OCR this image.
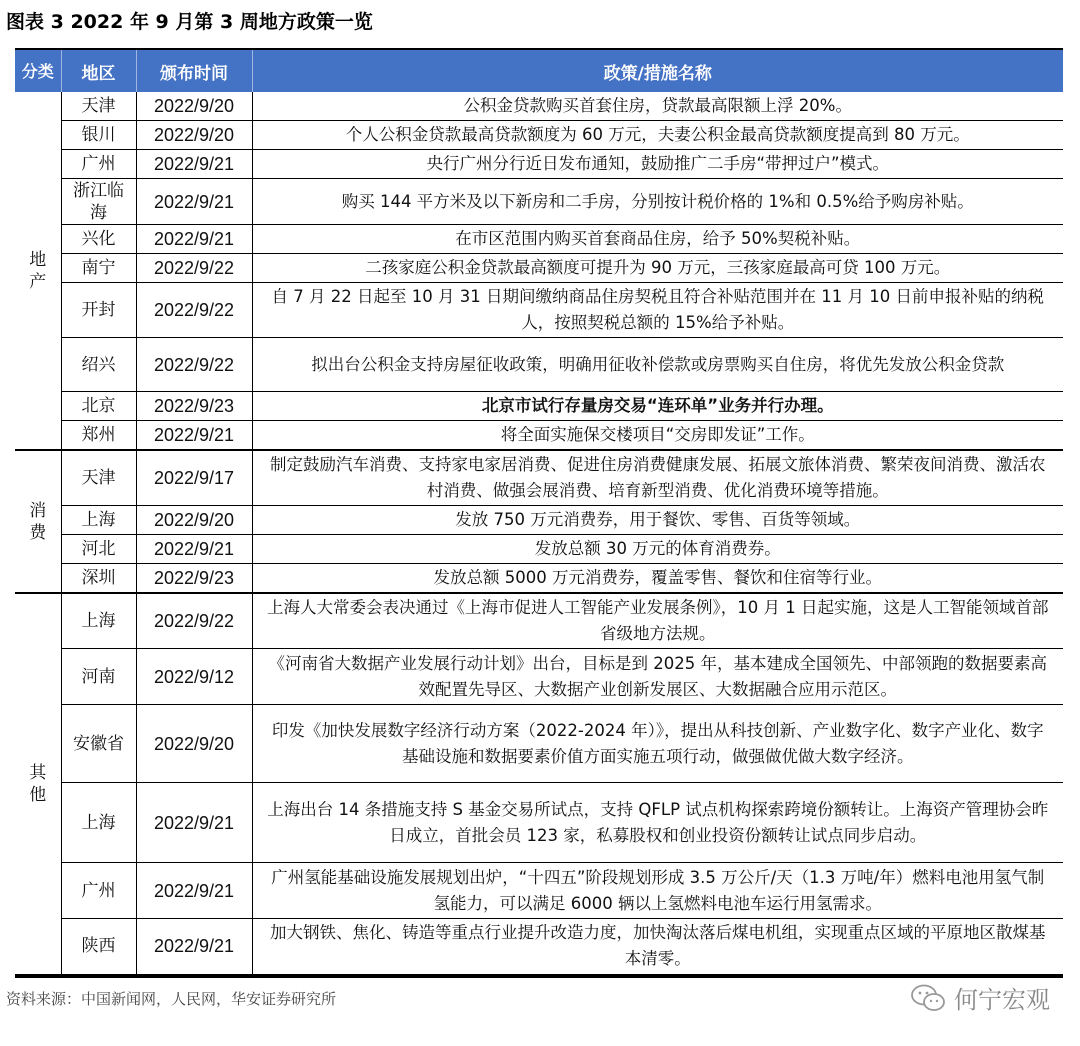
图表 3 2022 年 9 月第 3 周地方政策一览
分类	地区	颁布时间	政策/措施名称

地
产	天津	2022/9/20	公积金贷款购买首套住房，贷款最高限额上浮 20%。
	银川	2022/9/20	个人公积金贷款最高贷款额度为 60 万元，夫妻公积金最高贷款额度提高到 80 万元。
	广州	2022/9/21	央行广州分行近日发布通知，鼓励推广二手房“带押过户”模式。
	浙江临海	2022/9/21	购买 144 平方米及以下新房和二手房，分别按计税价格的 1%和 0.5%给予购房补贴。
	兴化	2022/9/21	在市区范围内购买首套商品住房，给予 50%契税补贴。
	南宁	2022/9/22	二孩家庭公积金贷款最高额度可提升为 90 万元，三孩家庭最高可贷 100 万元。
	开封	2022/9/22	自 7 月 22 日起至 10 月 31 日期间缴纳商品住房契税且符合补贴范围并在 11 月 10 日前申报补贴的纳税人，按照契税总额的 15%给予补贴。
	绍兴	2022/9/22	拟出台公积金支持房屋征收政策，明确用征收补偿款或房票购买自住房，将优先发放公积金贷款
	北京	2022/9/23	北京市试行存量房交易“连环单”业务并行办理。
	郑州	2022/9/21	将全面实施保交楼项目“交房即发证”工作。

消
费	天津	2022/9/17	制定鼓励汽车消费、支持家电家居消费、促进住房消费健康发展、拓展文旅体消费、繁荣夜间消费、激活农村消费、做强会展消费、培育新型消费、优化消费环境等措施。
	上海	2022/9/20	发放 750 万元消费券，用于餐饮、零售、百货等领域。
	河北	2022/9/21	发放总额 30 万元的体育消费券。
	深圳	2022/9/23	发放总额 5000 万元消费券，覆盖零售、餐饮和住宿等行业。

其
他	上海	2022/9/22	上海人大常委会表决通过《上海市促进人工智能产业发展条例》，10 月 1 日起实施，这是人工智能领域首部省级地方法规。
	河南	2022/9/12	《河南省大数据产业发展行动计划》出台，目标是到 2025 年，基本建成全国领先、中部领跑的数据要素高效配置先导区、大数据产业创新发展区、大数据融合应用示范区。
	安徽省	2022/9/20	印发《加快发展数字经济行动方案（2022-2024 年）》，提出从科技创新、产业数字化、数字产业化、数字基础设施和数据要素价值方面实施五项行动，做强做优做大数字经济。
	上海	2022/9/21	上海出台 14 条措施支持 S 基金交易所试点，支持 QFLP 试点机构探索跨境份额转让。上海资产管理协会昨日成立，首批会员 123 家，私募股权和创业投资份额转让试点同步启动。
	广州	2022/9/21	广州氢能基础设施发展规划出炉，“十四五”阶段规划形成 3.5 万公斤/天（1.3 万吨/年）燃料电池用氢气制氢能力，可以满足 6000 辆以上氢燃料电池车运行用氢需求。
	陕西	2022/9/21	加大钢铁、焦化、铸造等重点行业提升改造力度，加快淘汰落后煤电机组，实现重点区域的平原地区散煤基本清零。
资料来源：中国新闻网，人民网，华安证券研究所	何宁宏观
